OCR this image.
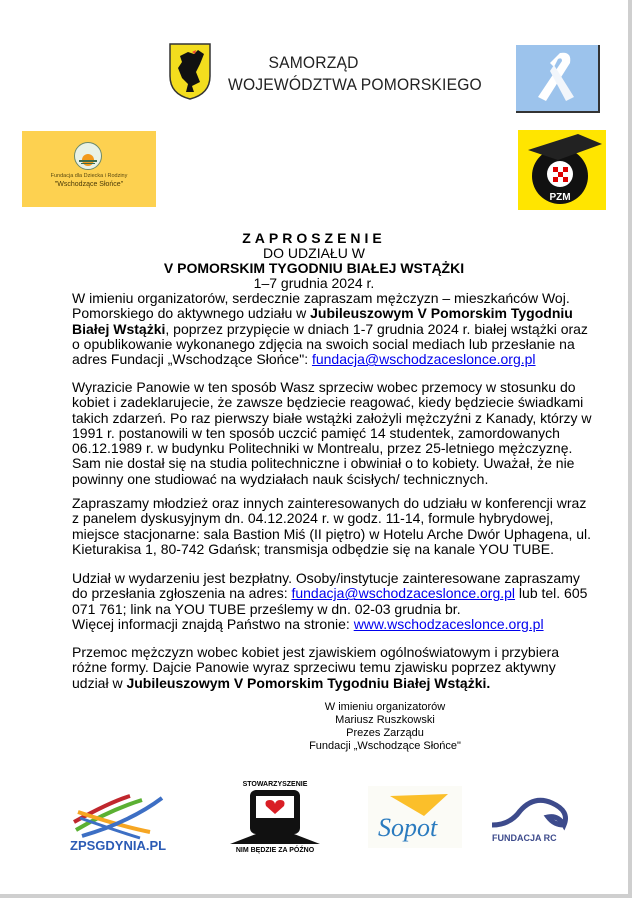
SAMORZĄD
WOJEWÓDZTWA POMORSKIEGO
Fundacja dla Dziecka i Rodziny
"Wschodzące Słońce"
PZM
ZAPROSZENIE
DO UDZIAŁU W
V POMORSKIM TYGODNIU BIAŁEJ WSTĄŻKI
1–7 grudnia 2024 r.
W imieniu organizatorów, serdecznie zapraszam mężczyzn – mieszkańców Woj. Pomorskiego do aktywnego udziału w Jubileuszowym V Pomorskim Tygodniu Białej Wstążki, poprzez przypięcie w dniach 1-7 grudnia 2024 r. białej wstążki oraz o opublikowanie wykonanego zdjęcia na swoich social mediach lub przesłanie na adres Fundacji „Wschodzące Słońce": fundacja@wschodzaceslonce.org.pl
Wyrazicie Panowie w ten sposób Wasz sprzeciw wobec przemocy w stosunku do kobiet i zadeklarujecie, że zawsze będziecie reagować, kiedy będziecie świadkami takich zdarzeń. Po raz pierwszy białe wstążki założyli mężczyźni z Kanady, którzy w 1991 r. postanowili w ten sposób uczcić pamięć 14 studentek, zamordowanych 06.12.1989 r. w budynku Politechniki w Montrealu, przez 25-letniego mężczyznę. Sam nie dostał się na studia politechniczne i obwiniał o to kobiety. Uważał, że nie powinny one studiować na wydziałach nauk ścisłych/ technicznych.
Zapraszamy młodzież oraz innych zainteresowanych do udziału w konferencji wraz z panelem dyskusyjnym dn. 04.12.2024 r. w godz. 11-14, formule hybrydowej, miejsce stacjonarne: sala Bastion Miś (II piętro) w Hotelu Arche Dwór Uphagena, ul. Kieturakisa 1, 80-742 Gdańsk; transmisja odbędzie się na kanale YOU TUBE.
Udział w wydarzeniu jest bezpłatny. Osoby/instytucje zainteresowane zapraszamy do przesłania zgłoszenia na adres: fundacja@wschodzaceslonce.org.pl lub tel. 605 071 761; link na YOU TUBE prześlemy w dn. 02-03 grudnia br.
Więcej informacji znajdą Państwo na stronie: www.wschodzaceslonce.org.pl
Przemoc mężczyzn wobec kobiet jest zjawiskiem ogólnoświatowym i przybiera różne formy. Dajcie Panowie wyraz sprzeciwu temu zjawisku poprzez aktywny udział w Jubileuszowym V Pomorskim Tygodniu Białej Wstążki.
W imieniu organizatorów
Mariusz Ruszkowski
Prezes Zarządu
Fundacji „Wschodzące Słońce"
ZPSGDYNIA.PL
STOWARZYSZENIE
NIM BĘDZIE ZA PÓŹNO
Sopot	FUNDACJA RC
